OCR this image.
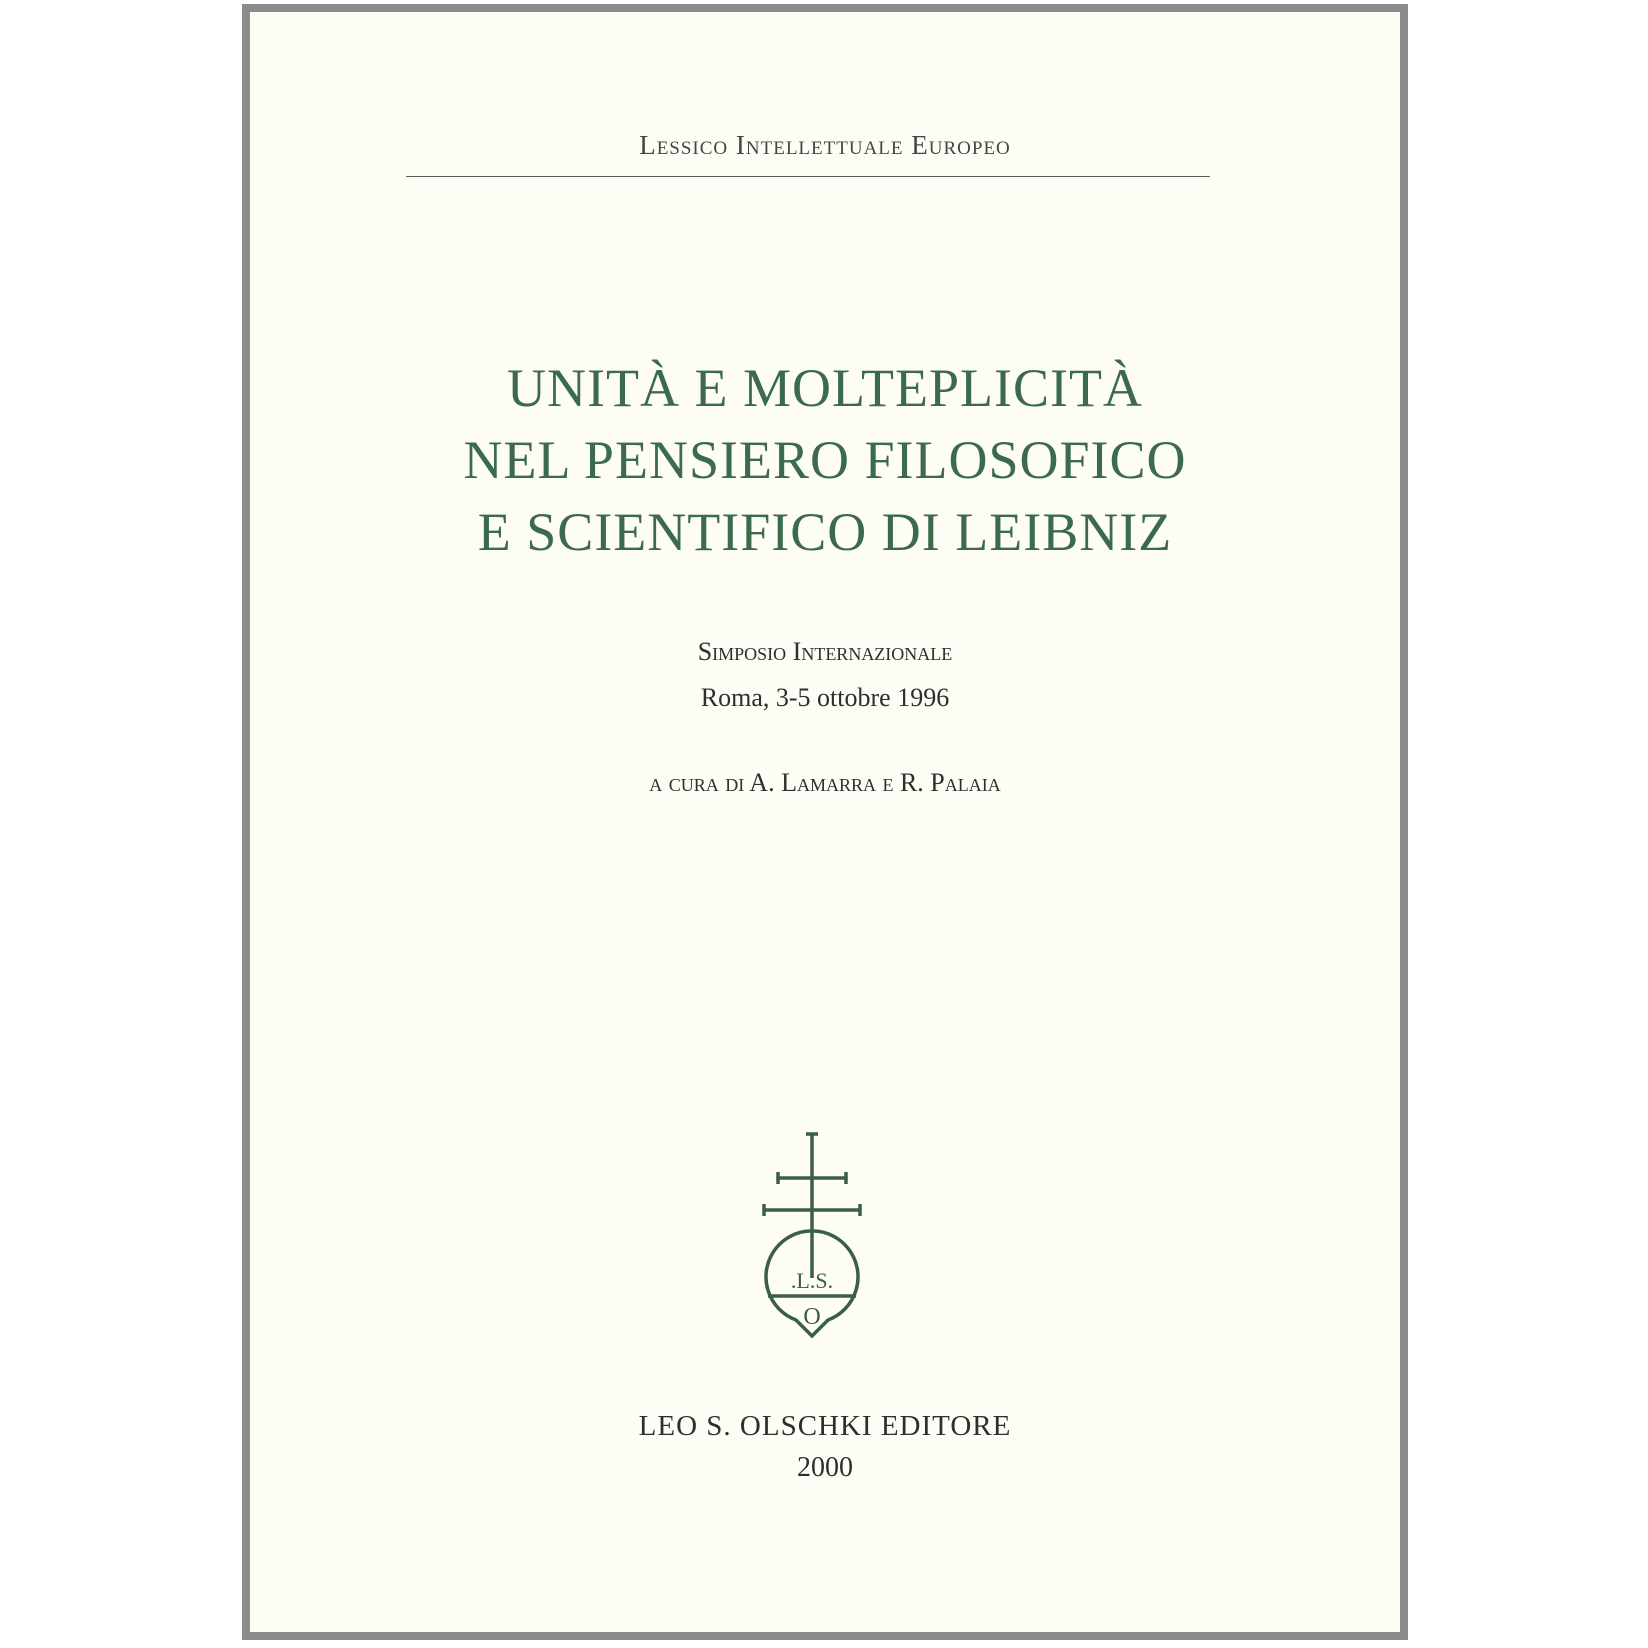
Lessico Intellettuale Europeo
UNITÀ E MOLTEPLICITÀ
NEL PENSIERO FILOSOFICO
E SCIENTIFICO DI LEIBNIZ
Simposio Internazionale
Roma, 3-5 ottobre 1996
a cura di A. Lamarra e R. Palaia
.L.S.
O
LEO S. OLSCHKI EDITORE
2000
